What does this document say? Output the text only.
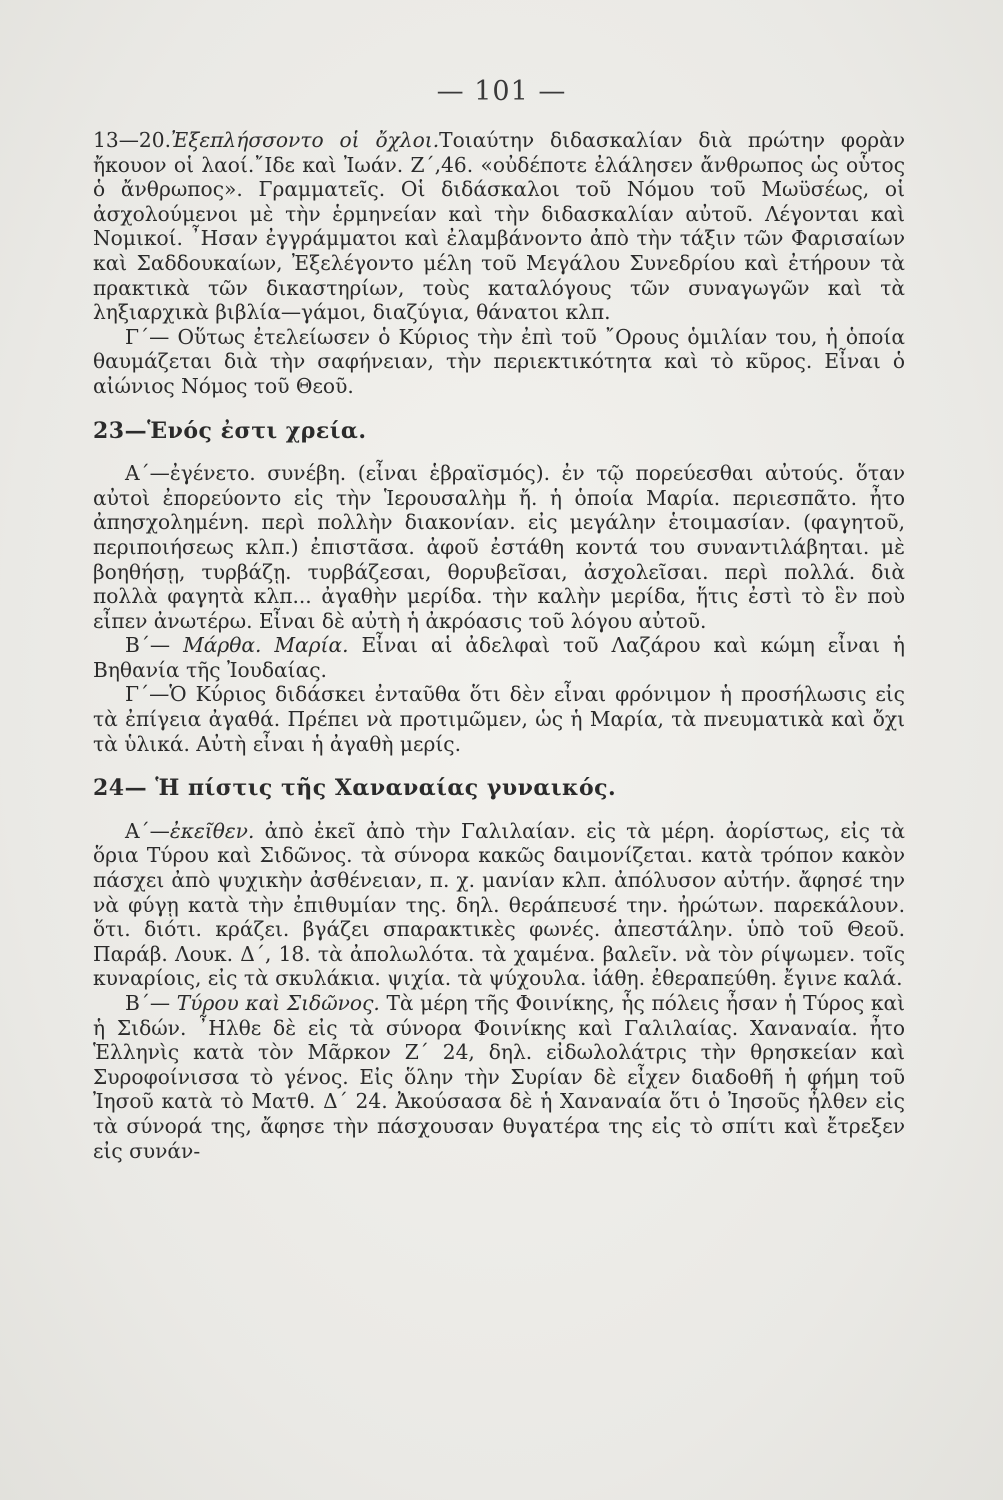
— 101 —

13—20.Ἐξεπλήσσοντο οἱ ὄχλοι.Τοιαύτην διδασκαλίαν διὰ πρώτην φορὰν ἤκουον οἱ λαοί.῎Ιδε καὶ Ἰωάν. Ζ΄,46. «οὐδέποτε ἐλάλησεν ἄνθρωπος ὡς οὗτος ὁ ἄνθρωπος». Γραμματεῖς. Οἱ διδάσκαλοι τοῦ Νόμου τοῦ Μωϋσέως, οἱ ἀσχολούμενοι μὲ τὴν ἑρμηνείαν καὶ τὴν διδασκαλίαν αὐτοῦ. Λέγονται καὶ Νομικοί. ῏Ησαν ἐγγράμματοι καὶ ἐλαμβάνοντο ἀπὸ τὴν τάξιν τῶν Φαρισαίων καὶ Σαδδουκαίων, Ἐξελέγοντο μέλη τοῦ Μεγάλου Συνεδρίου καὶ ἐτήρουν τὰ πρακτικὰ τῶν δικαστηρίων, τοὺς καταλόγους τῶν συναγωγῶν καὶ τὰ ληξιαρχικὰ βιβλία—γάμοι, διαζύγια, θάνατοι κλπ.

Γ΄— Οὕτως ἐτελείωσεν ὁ Κύριος τὴν ἐπὶ τοῦ ῎Ορους ὁμιλίαν του, ἡ ὁποία θαυμάζεται διὰ τὴν σαφήνειαν, τὴν περιεκτικότητα καὶ τὸ κῦρος. Εἶναι ὁ αἰώνιος Νόμος τοῦ Θεοῦ.

23—Ἑνός ἐστι χρεία.

Α΄—ἐγένετο. συνέβη. (εἶναι ἑβραϊσμός). ἐν τῷ πορεύεσθαι αὐτούς. ὅταν αὐτοὶ ἐπορεύοντο εἰς τὴν Ἱερουσαλὴμ ἤ. ἡ ὁποία Μαρία. περιεσπᾶτο. ἦτο ἀπησχολημένη. περὶ πολλὴν διακονίαν. εἰς μεγάλην ἑτοιμασίαν. (φαγητοῦ, περιποιήσεως κλπ.) ἐπιστᾶσα. ἀφοῦ ἐστάθη κοντά του συναντιλάβηται. μὲ βοηθήσῃ, τυρβάζῃ. τυρβάζεσαι, θορυβεῖσαι, ἀσχολεῖσαι. περὶ πολλά. διὰ πολλὰ φαγητὰ κλπ... ἀγαθὴν μερίδα. τὴν καλὴν μερίδα, ἥτις ἐστὶ τὸ ἓν ποὺ εἶπεν ἀνωτέρω. Εἶναι δὲ αὐτὴ ἡ ἀκρόασις τοῦ λόγου αὐτοῦ.

Β΄— Μάρθα. Μαρία. Εἶναι αἱ ἀδελφαὶ τοῦ Λαζάρου καὶ κώμη εἶναι ἡ Βηθανία τῆς Ἰουδαίας.

Γ΄—Ὁ Κύριος διδάσκει ἐνταῦθα ὅτι δὲν εἶναι φρόνιμον ἡ προσήλωσις εἰς τὰ ἐπίγεια ἀγαθά. Πρέπει νὰ προτιμῶμεν, ὡς ἡ Μαρία, τὰ πνευματικὰ καὶ ὄχι τὰ ὑλικά. Αὐτὴ εἶναι ἡ ἀγαθὴ μερίς.

24— Ἡ πίστις τῆς Χαναναίας γυναικός.

Α΄—ἐκεῖθεν. ἀπὸ ἐκεῖ ἀπὸ τὴν Γαλιλαίαν. εἰς τὰ μέρη. ἀορίστως, εἰς τὰ ὅρια Τύρου καὶ Σιδῶνος. τὰ σύνορα κακῶς δαιμονίζεται. κατὰ τρόπον κακὸν πάσχει ἀπὸ ψυχικὴν ἀσθένειαν, π. χ. μανίαν κλπ. ἀπόλυσον αὐτήν. ἄφησέ την νὰ φύγῃ κατὰ τὴν ἐπιθυμίαν της. δηλ. θεράπευσέ την. ἠρώτων. παρεκάλουν. ὅτι. διότι. κράζει. βγάζει σπαρακτικὲς φωνές. ἀπεστάλην. ὑπὸ τοῦ Θεοῦ. Παράβ. Λουκ. Δ΄, 18. τὰ ἀπολωλότα. τὰ χαμένα. βαλεῖν. νὰ τὸν ρίψωμεν. τοῖς κυναρίοις, εἰς τὰ σκυλάκια. ψιχία. τὰ ψύχουλα. ἰάθη. ἐθεραπεύθη. ἔγινε καλά.

Β΄— Τύρου καὶ Σιδῶνος. Τὰ μέρη τῆς Φοινίκης, ἧς πόλεις ἦσαν ἡ Τύρος καὶ ἡ Σιδών. ῏Ηλθε δὲ εἰς τὰ σύνορα Φοινίκης καὶ Γαλιλαίας. Χαναναία. ἦτο Ἑλληνὶς κατὰ τὸν Μᾶρκον Ζ΄ 24, δηλ. εἰδωλολάτρις τὴν θρησκείαν καὶ Συροφοίνισσα τὸ γένος. Εἰς ὅλην τὴν Συρίαν δὲ εἶχεν διαδοθῆ ἡ φήμη τοῦ Ἰησοῦ κατὰ τὸ Ματθ. Δ΄ 24. Ἀκούσασα δὲ ἡ Χαναναία ὅτι ὁ Ἰησοῦς ἦλθεν εἰς τὰ σύνορά της, ἄφησε τὴν πάσχουσαν θυγατέρα της εἰς τὸ σπίτι καὶ ἔτρεξεν εἰς συνάν-
